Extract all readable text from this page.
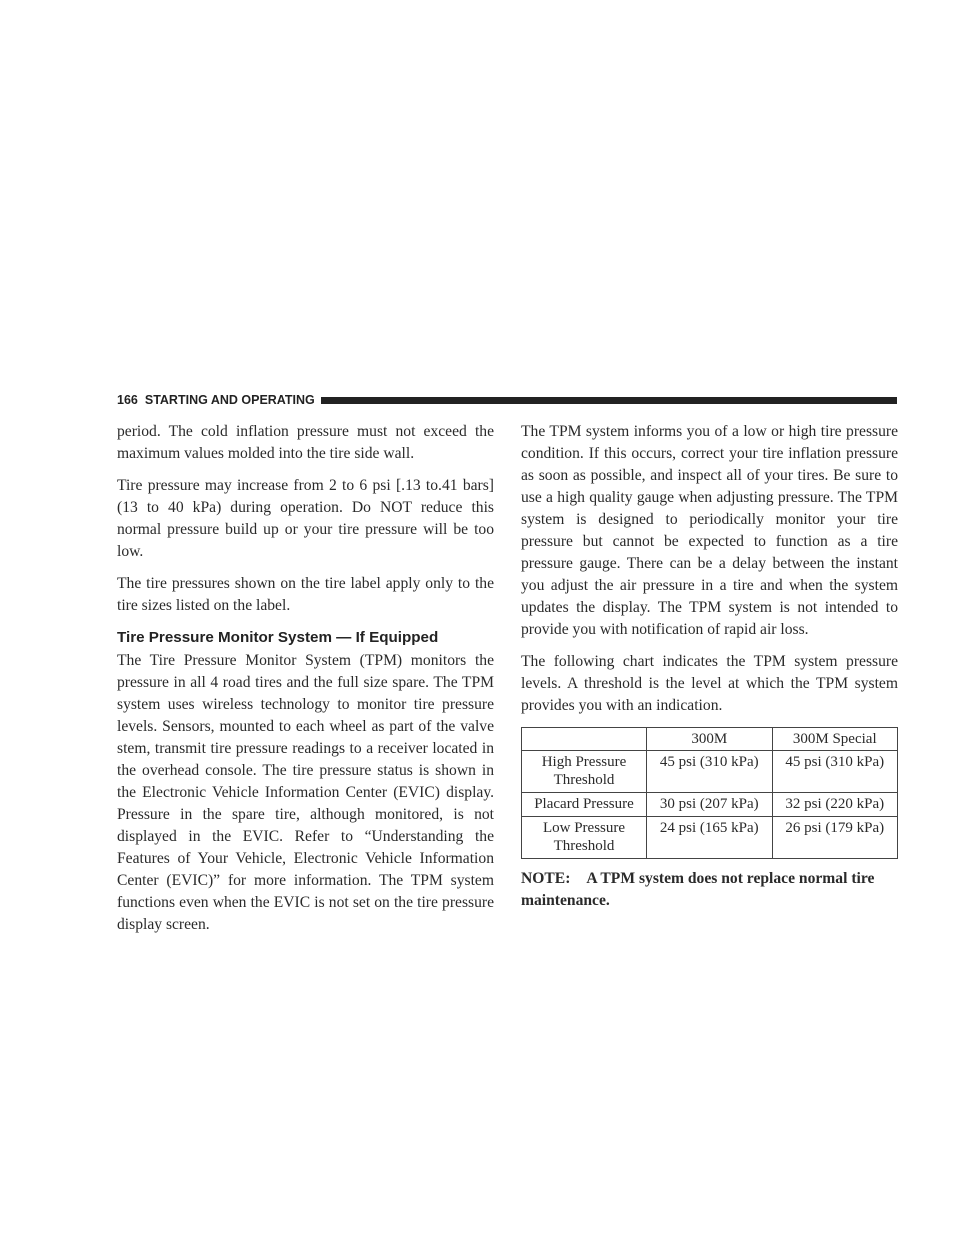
166 STARTING AND OPERATING

period. The cold inflation pressure must not exceed the maximum values molded into the tire side wall.

Tire pressure may increase from 2 to 6 psi [.13 to.41 bars] (13 to 40 kPa) during operation. Do NOT reduce this normal pressure build up or your tire pressure will be too low.

The tire pressures shown on the tire label apply only to the tire sizes listed on the label.

Tire Pressure Monitor System — If Equipped

The Tire Pressure Monitor System (TPM) monitors the pressure in all 4 road tires and the full size spare. The TPM system uses wireless technology to monitor tire pressure levels. Sensors, mounted to each wheel as part of the valve stem, transmit tire pressure readings to a receiver located in the overhead console. The tire pressure status is shown in the Electronic Vehicle Information Center (EVIC) display. Pressure in the spare tire, although monitored, is not displayed in the EVIC. Refer to “Understanding the Features of Your Vehicle, Electronic Vehicle Information Center (EVIC)” for more information. The TPM system functions even when the EVIC is not set on the tire pressure display screen.

The TPM system informs you of a low or high tire pressure condition. If this occurs, correct your tire inflation pressure as soon as possible, and inspect all of your tires. Be sure to use a high quality gauge when adjusting pressure. The TPM system is designed to periodically monitor your tire pressure but cannot be expected to function as a tire pressure gauge. There can be a delay between the instant you adjust the air pressure in a tire and when the system updates the display. The TPM system is not intended to provide you with notification of rapid air loss.

The following chart indicates the TPM system pressure levels. A threshold is the level at which the TPM system provides you with an indication.

	300M	300M Special
High Pressure Threshold	45 psi (310 kPa)	45 psi (310 kPa)
Placard Pressure	30 psi (207 kPa)	32 psi (220 kPa)
Low Pressure Threshold	24 psi (165 kPa)	26 psi (179 kPa)

NOTE: A TPM system does not replace normal tire maintenance.
